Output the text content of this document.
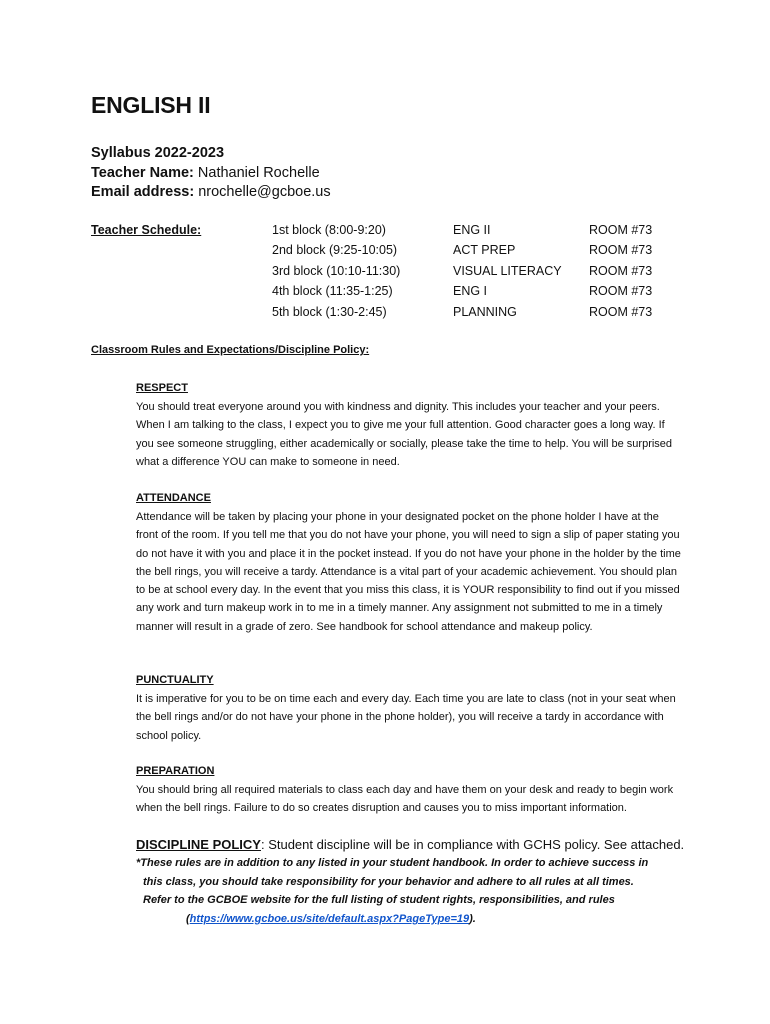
ENGLISH II
Syllabus 2022-2023
Teacher Name: Nathaniel Rochelle
Email address: nrochelle@gcboe.us
Teacher Schedule:	1st block (8:00-9:20)	ENG II	ROOM #73
2nd block (9:25-10:05)	ACT PREP	ROOM #73
3rd block (10:10-11:30)	VISUAL LITERACY ROOM #73
4th block (11:35-1:25)	ENG I	ROOM #73
5th block (1:30-2:45)	PLANNING	ROOM #73
Classroom Rules and Expectations/Discipline Policy:
RESPECT
You should treat everyone around you with kindness and dignity. This includes your teacher and your peers. When I am talking to the class, I expect you to give me your full attention. Good character goes a long way. If you see someone struggling, either academically or socially, please take the time to help. You will be surprised what a difference YOU can make to someone in need.
ATTENDANCE
Attendance will be taken by placing your phone in your designated pocket on the phone holder I have at the front of the room. If you tell me that you do not have your phone, you will need to sign a slip of paper stating you do not have it with you and place it in the pocket instead. If you do not have your phone in the holder by the time the bell rings, you will receive a tardy. Attendance is a vital part of your academic achievement. You should plan to be at school every day. In the event that you miss this class, it is YOUR responsibility to find out if you missed any work and turn makeup work in to me in a timely manner. Any assignment not submitted to me in a timely manner will result in a grade of zero. See handbook for school attendance and makeup policy.
PUNCTUALITY
It is imperative for you to be on time each and every day. Each time you are late to class (not in your seat when the bell rings and/or do not have your phone in the phone holder), you will receive a tardy in accordance with school policy.
PREPARATION
You should bring all required materials to class each day and have them on your desk and ready to begin work when the bell rings. Failure to do so creates disruption and causes you to miss important information.
DISCIPLINE POLICY: Student discipline will be in compliance with GCHS policy. See attached.
*These rules are in addition to any listed in your student handbook. In order to achieve success in
this class, you should take responsibility for your behavior and adhere to all rules at all times.
Refer to the GCBOE website for the full listing of student rights, responsibilities, and rules
(https://www.gcboe.us/site/default.aspx?PageType=19).
